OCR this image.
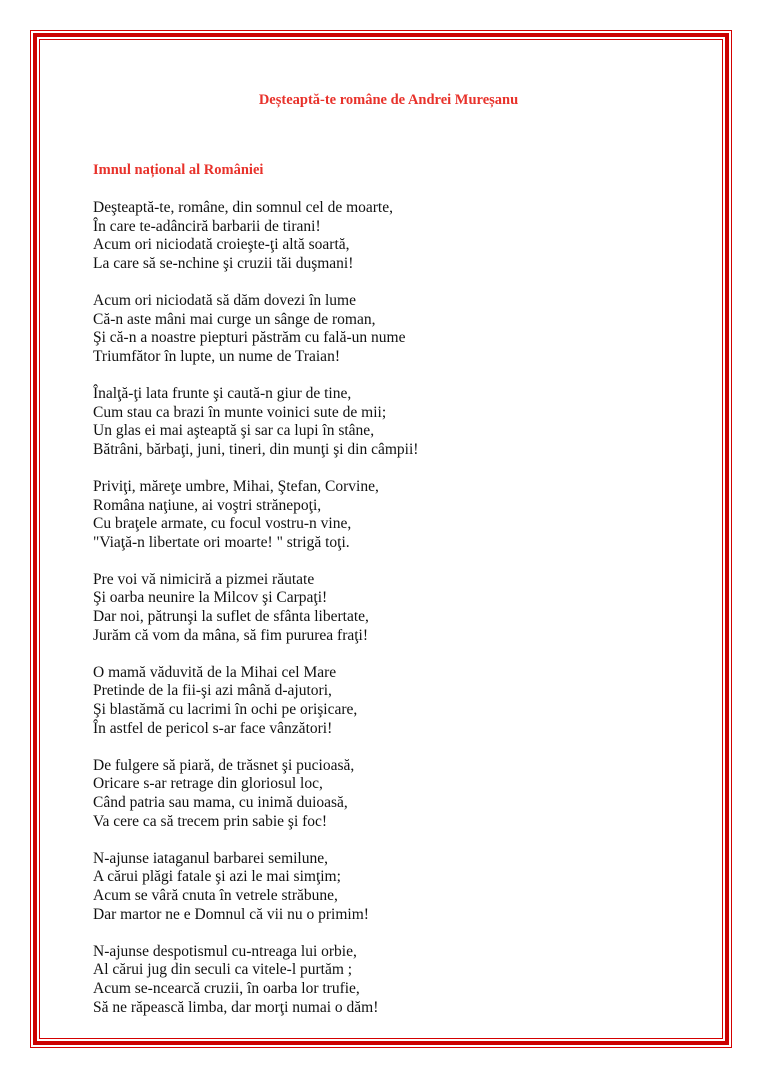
Deșteaptă-te române de Andrei Mureșanu
Imnul național al României
Deşteaptă-te, române, din somnul cel de moarte,
În care te-adânciră barbarii de tirani!
Acum ori niciodată croieşte-ţi altă soartă,
La care să se-nchine şi cruzii tăi duşmani!
Acum ori niciodată să dăm dovezi în lume
Că-n aste mâni mai curge un sânge de roman,
Şi că-n a noastre piepturi păstrăm cu fală-un nume
Triumfător în lupte, un nume de Traian!
Înalţă-ţi lata frunte şi caută-n giur de tine,
Cum stau ca brazi în munte voinici sute de mii;
Un glas ei mai aşteaptă şi sar ca lupi în stâne,
Bătrâni, bărbaţi, juni, tineri, din munţi şi din câmpii!
Priviţi, măreţe umbre, Mihai, Ştefan, Corvine,
Româna naţiune, ai voştri strănepoţi,
Cu braţele armate, cu focul vostru-n vine,
"Viaţă-n libertate ori moarte! " strigă toţi.
Pre voi vă nimiciră a pizmei răutate
Şi oarba neunire la Milcov şi Carpaţi!
Dar noi, pătrunşi la suflet de sfânta libertate,
Jurăm că vom da mâna, să fim pururea fraţi!
O mamă văduvită de la Mihai cel Mare
Pretinde de la fii-şi azi mână d-ajutori,
Şi blastămă cu lacrimi în ochi pe orişicare,
În astfel de pericol s-ar face vânzători!
De fulgere să piară, de trăsnet şi pucioasă,
Oricare s-ar retrage din gloriosul loc,
Când patria sau mama, cu inimă duioasă,
Va cere ca să trecem prin sabie şi foc!
N-ajunse iataganul barbarei semilune,
A cărui plăgi fatale şi azi le mai simţim;
Acum se vâră cnuta în vetrele străbune,
Dar martor ne e Domnul că vii nu o primim!
N-ajunse despotismul cu-ntreaga lui orbie,
Al cărui jug din seculi ca vitele-l purtăm ;
Acum se-ncearcă cruzii, în oarba lor trufie,
Să ne răpească limba, dar morţi numai o dăm!
